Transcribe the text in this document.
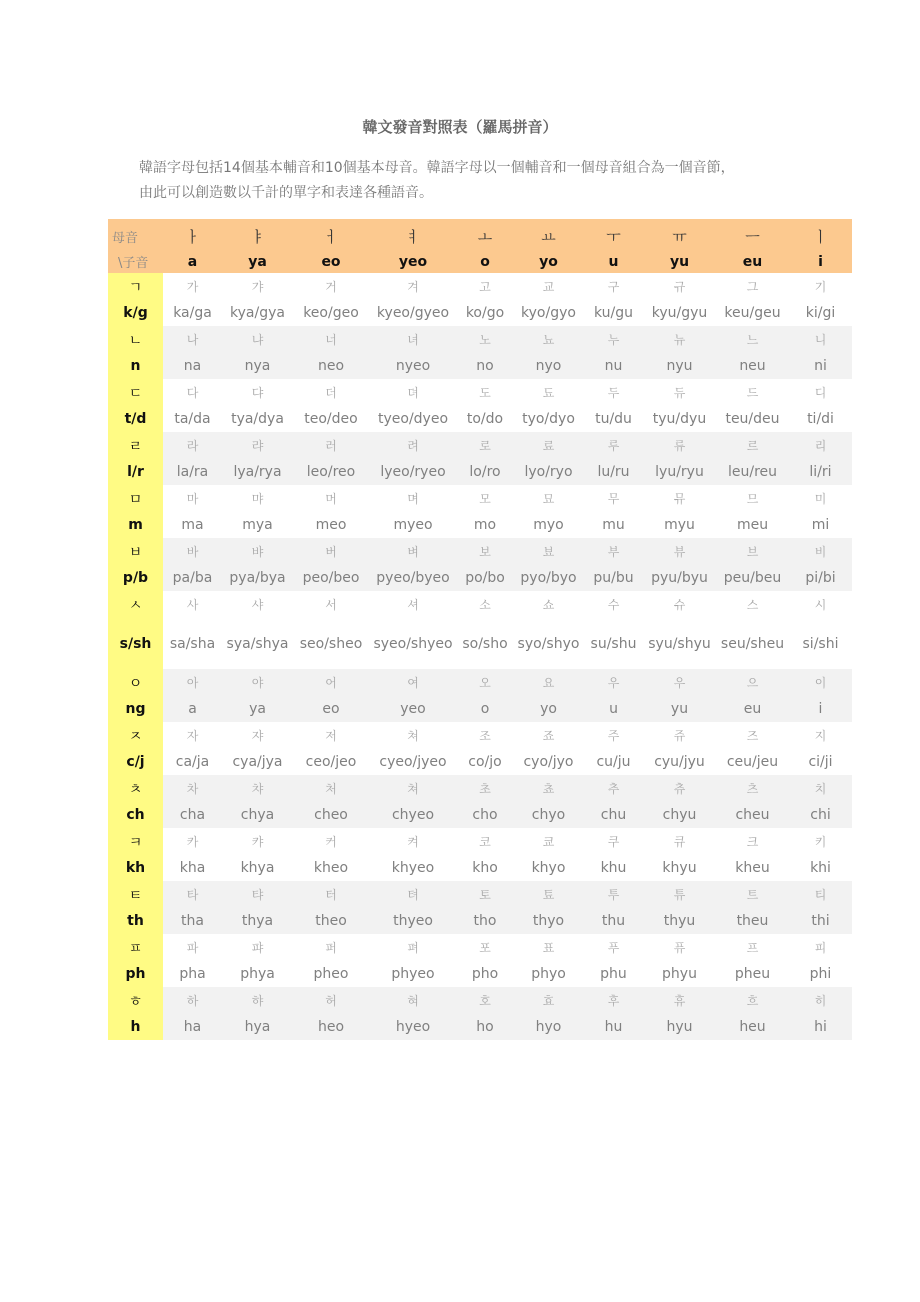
韓文發音對照表（羅馬拼音）

韓語字母包括14個基本輔音和10個基本母音。韓語字母以一個輔音和一個母音組合為一個音節，

由此可以創造數以千計的單字和表達各種語音。

母音	ㅏ	ㅑ	ㅓ	ㅕ	ㅗ	ㅛ	ㅜ	ㅠ	ㅡ	ㅣ
\子音	a	ya	eo	yeo	o	yo	u	yu	eu	i
ㄱ	가	갸	거	겨	고	교	구	규	그	기
k/g	ka/ga	kya/gya	keo/geo	kyeo/gyeo	ko/go	kyo/gyo	ku/gu	kyu/gyu	keu/geu	ki/gi
ㄴ	나	냐	너	녀	노	뇨	누	뉴	느	니
n	na	nya	neo	nyeo	no	nyo	nu	nyu	neu	ni
ㄷ	다	댜	더	뎌	도	됴	두	듀	드	디
t/d	ta/da	tya/dya	teo/deo	tyeo/dyeo	to/do	tyo/dyo	tu/du	tyu/dyu	teu/deu	ti/di
ㄹ	라	랴	러	려	로	료	루	류	르	리
l/r	la/ra	lya/rya	leo/reo	lyeo/ryeo	lo/ro	lyo/ryo	lu/ru	lyu/ryu	leu/reu	li/ri
ㅁ	마	먀	머	며	모	묘	무	뮤	므	미
m	ma	mya	meo	myeo	mo	myo	mu	myu	meu	mi
ㅂ	바	뱌	버	벼	보	뵤	부	뷰	브	비
p/b	pa/ba	pya/bya	peo/beo	pyeo/byeo	po/bo	pyo/byo	pu/bu	pyu/byu	peu/beu	pi/bi
ㅅ	사	샤	서	셔	소	쇼	수	슈	스	시
s/sh	sa/sha	sya/shya	seo/sheo	syeo/shyeo	so/sho	syo/shyo	su/shu	syu/shyu	seu/sheu	si/shi
ㅇ	아	야	어	여	오	요	우	우	으	이
ng	a	ya	eo	yeo	o	yo	u	yu	eu	i
ㅈ	자	쟈	저	쳐	조	죠	주	쥬	즈	지
c/j	ca/ja	cya/jya	ceo/jeo	cyeo/jyeo	co/jo	cyo/jyo	cu/ju	cyu/jyu	ceu/jeu	ci/ji
ㅊ	차	챠	처	쳐	초	쵸	추	츄	츠	치
ch	cha	chya	cheo	chyeo	cho	chyo	chu	chyu	cheu	chi
ㅋ	카	캬	커	켜	코	쿄	쿠	큐	크	키
kh	kha	khya	kheo	khyeo	kho	khyo	khu	khyu	kheu	khi
ㅌ	타	탸	터	텨	토	툐	투	튜	트	티
th	tha	thya	theo	thyeo	tho	thyo	thu	thyu	theu	thi
ㅍ	파	퍄	퍼	펴	포	표	푸	퓨	프	피
ph	pha	phya	pheo	phyeo	pho	phyo	phu	phyu	pheu	phi
ㅎ	하	햐	허	혀	호	효	후	휴	흐	히
h	ha	hya	heo	hyeo	ho	hyo	hu	hyu	heu	hi
